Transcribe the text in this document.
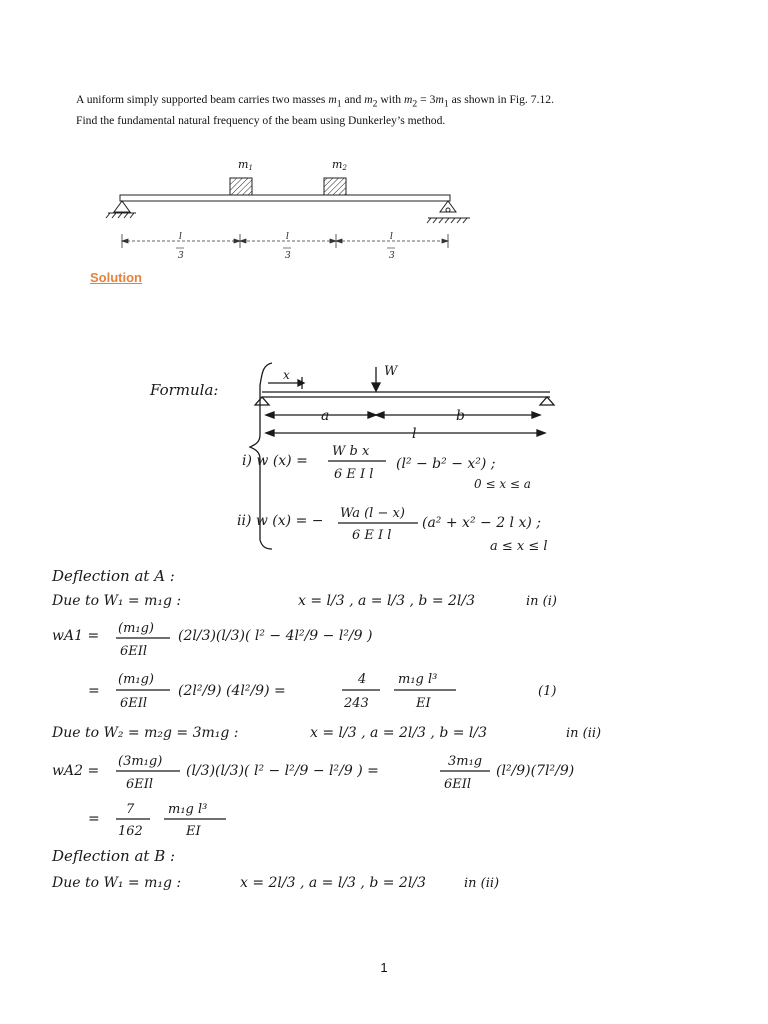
A uniform simply supported beam carries two masses $m_1$ and $m_2$ with $m_2 = 3m_1$ as shown in Fig. 7.12. Find the fundamental natural frequency of the beam using Dunkerley’s method.
m1	m2
l
3
l
3
l
3
Solution
Formula:
x	W
a	b
l
i) w (x) =
W b x
6 E I l
(l² − b² − x²) ;
0 ≤ x ≤ a
ii) w (x) = − Wa (l − x)
6 E I l
(a² + x² − 2 l x) ;
a ≤ x ≤ l
Deflection at A :
Due to W₁ = m₁g :	x = l/3 , a = l/3 , b = 2l/3	in (i)
wA1 = (m₁g)
6EIl
(2l/3)(l/3)( l² − 4l²/9 − l²/9 )
=
(m₁g)
6EIl
(2l²/9) (4l²/9) =
4
243
m₁g l³
EI
(1)
Due to W₂ = m₂g = 3m₁g :	x = l/3 , a = 2l/3 , b = l/3	in (ii)
wA2 =
(3m₁g)
6EIl
(l/3)(l/3)( l² − l²/9 − l²/9 ) =
3m₁g
6EIl
(l²/9)(7l²/9)
=
7
162
m₁g l³
EI
Deflection at B :
Due to W₁ = m₁g :	x = 2l/3 , a = l/3 , b = 2l/3	in (ii)
1
